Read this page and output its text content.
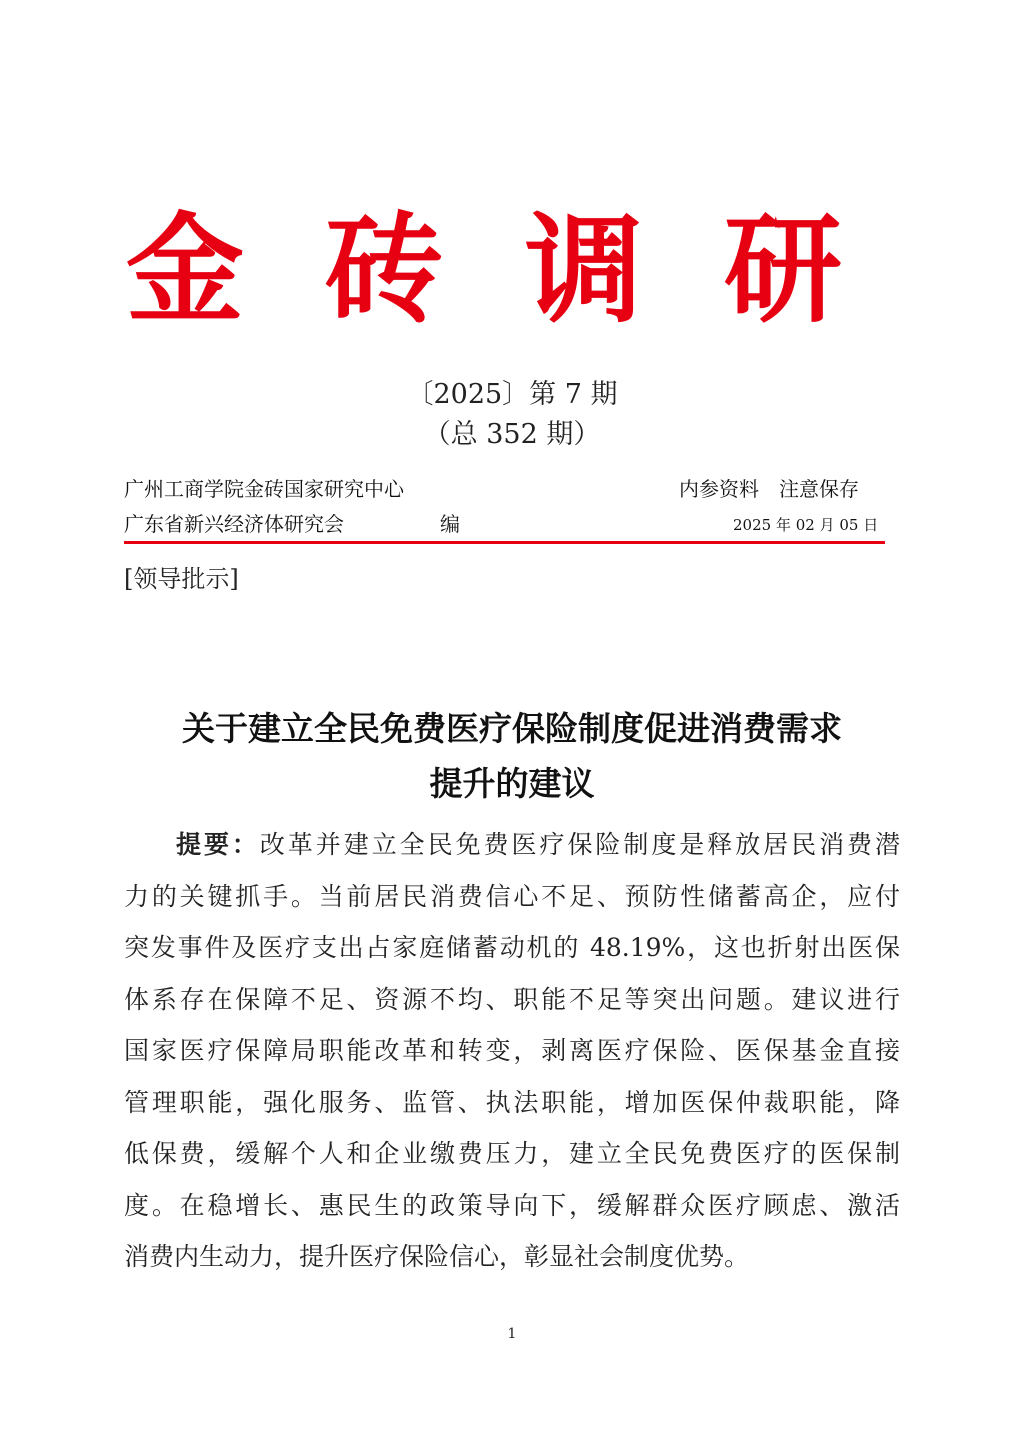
金 砖 调 研
〔2025〕第 7 期
（总 352 期）
广州工商学院金砖国家研究中心
广东省新兴经济体研究会	编
内参资料　注意保存
2025 年 02 月 05 日
[领导批示]
关于建立全民免费医疗保险制度促进消费需求
提升的建议
提要：改革并建立全民免费医疗保险制度是释放居民消费潜
力的关键抓手。当前居民消费信心不足、预防性储蓄高企，应付
突发事件及医疗支出占家庭储蓄动机的 48.19%，这也折射出医保
体系存在保障不足、资源不均、职能不足等突出问题。建议进行
国家医疗保障局职能改革和转变，剥离医疗保险、医保基金直接
管理职能，强化服务、监管、执法职能，增加医保仲裁职能，降
低保费，缓解个人和企业缴费压力，建立全民免费医疗的医保制
度。在稳增长、惠民生的政策导向下，缓解群众医疗顾虑、激活
消费内生动力，提升医疗保险信心，彰显社会制度优势。
1
